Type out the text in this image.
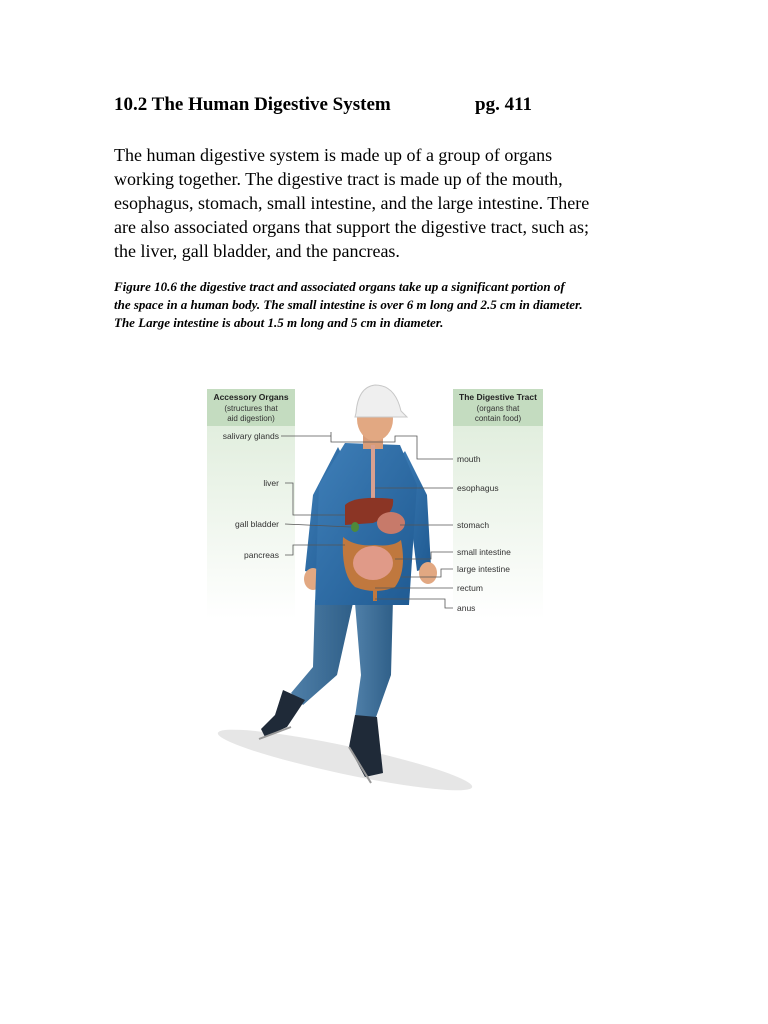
10.2 The Human Digestive System	pg. 411

The human digestive system is made up of a group of organs
working together. The digestive tract is made up of the mouth,
esophagus, stomach, small intestine, and the large intestine. There
are also associated organs that support the digestive tract, such as;
the liver, gall bladder, and the pancreas.

Figure 10.6 the digestive tract and associated organs take up a significant portion of
the space in a human body. The small intestine is over 6 m long and 2.5 cm in diameter.
The Large intestine is about 1.5 m long and 5 cm in diameter.

Accessory Organs
(structures that
aid digestion)
The Digestive Tract
(organs that
contain food)
salivary glands
liver
gall bladder
pancreas
mouth
esophagus
stomach
small intestine
large intestine
rectum
anus
